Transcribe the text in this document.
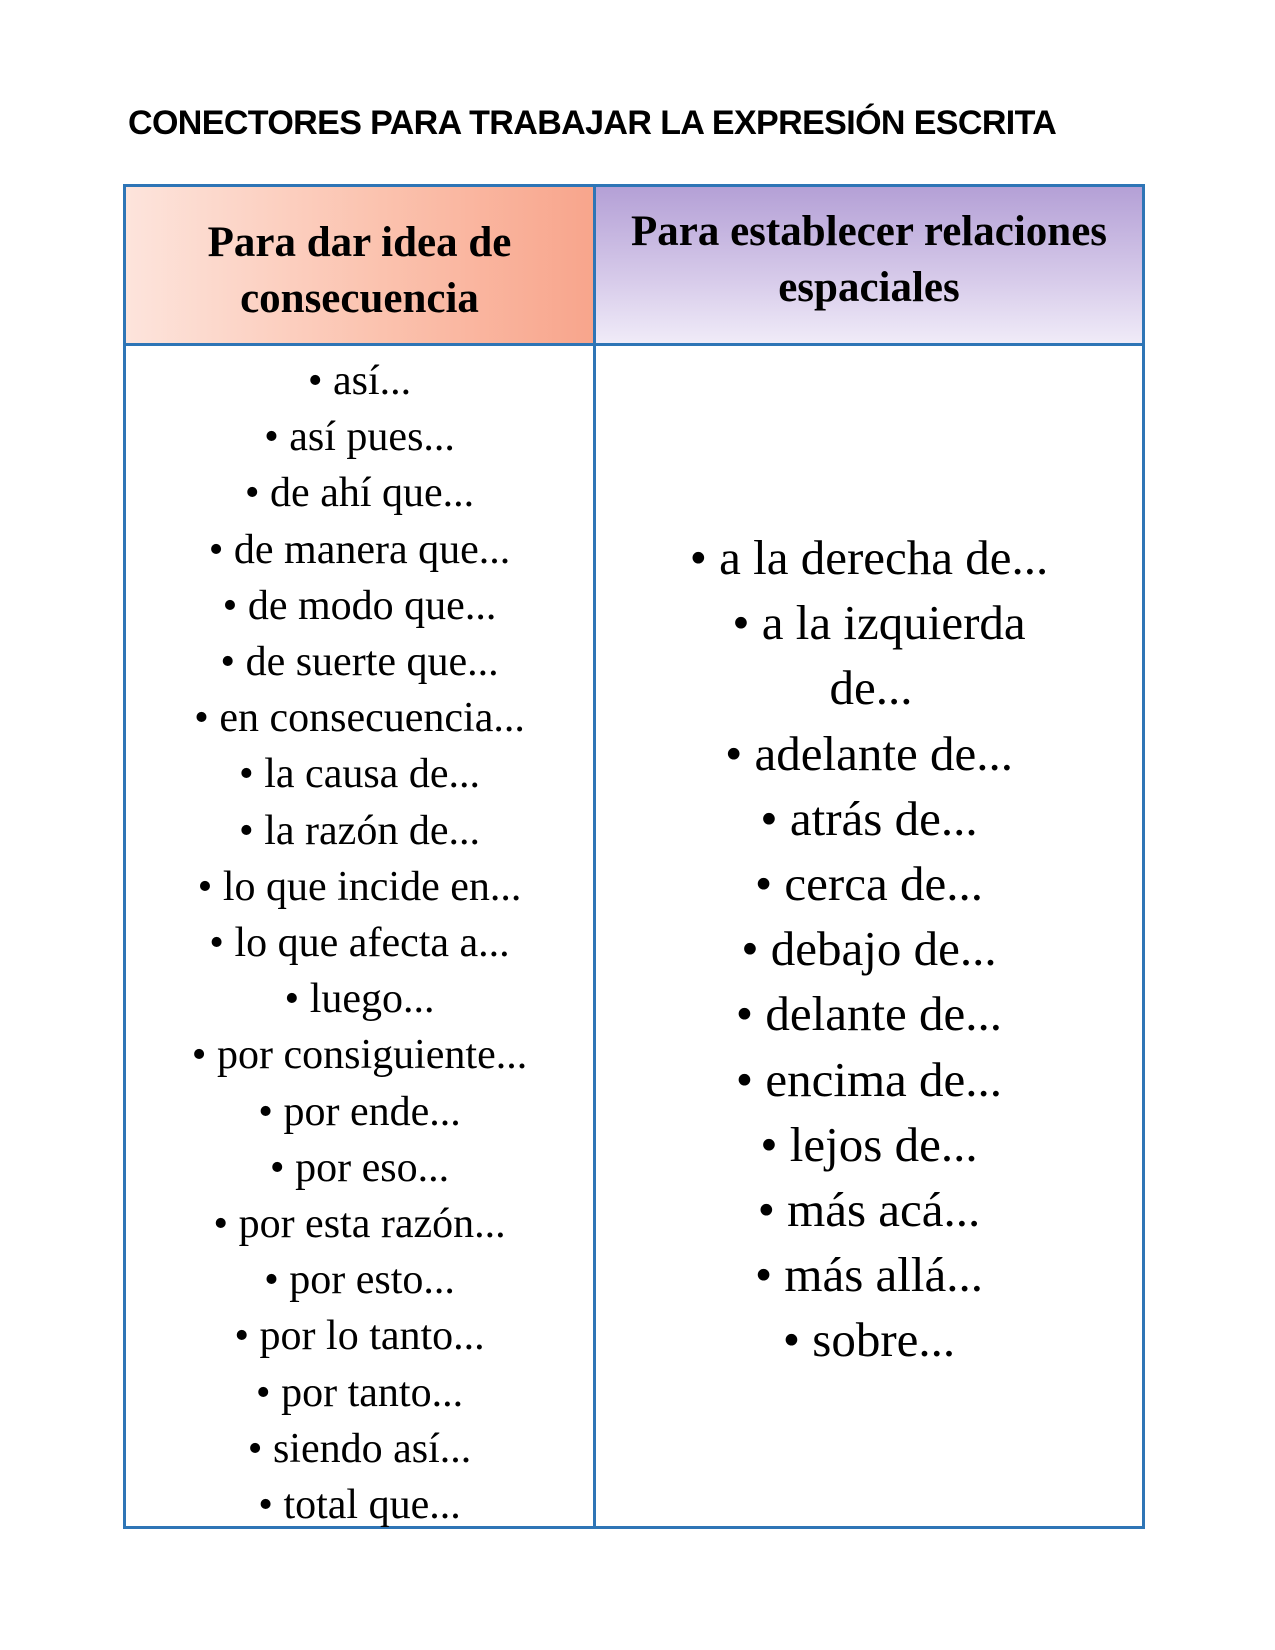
CONECTORES PARA TRABAJAR LA EXPRESIÓN ESCRITA
Para dar idea de
consecuencia
Para establecer relaciones
espaciales
• así...
• así pues...
• de ahí que...
• de manera que...
• de modo que...
• de suerte que...
• en consecuencia...
• la causa de...
• la razón de...
• lo que incide en...
• lo que afecta a...
• luego...
• por consiguiente...
• por ende...
• por eso...
• por esta razón...
• por esto...
• por lo tanto...
• por tanto...
• siendo así...
• total que...
• a la derecha de...
• a la izquierda
de...
• adelante de...
• atrás de...
• cerca de...
• debajo de...
• delante de...
• encima de...
• lejos de...
• más acá...
• más allá...
• sobre...
